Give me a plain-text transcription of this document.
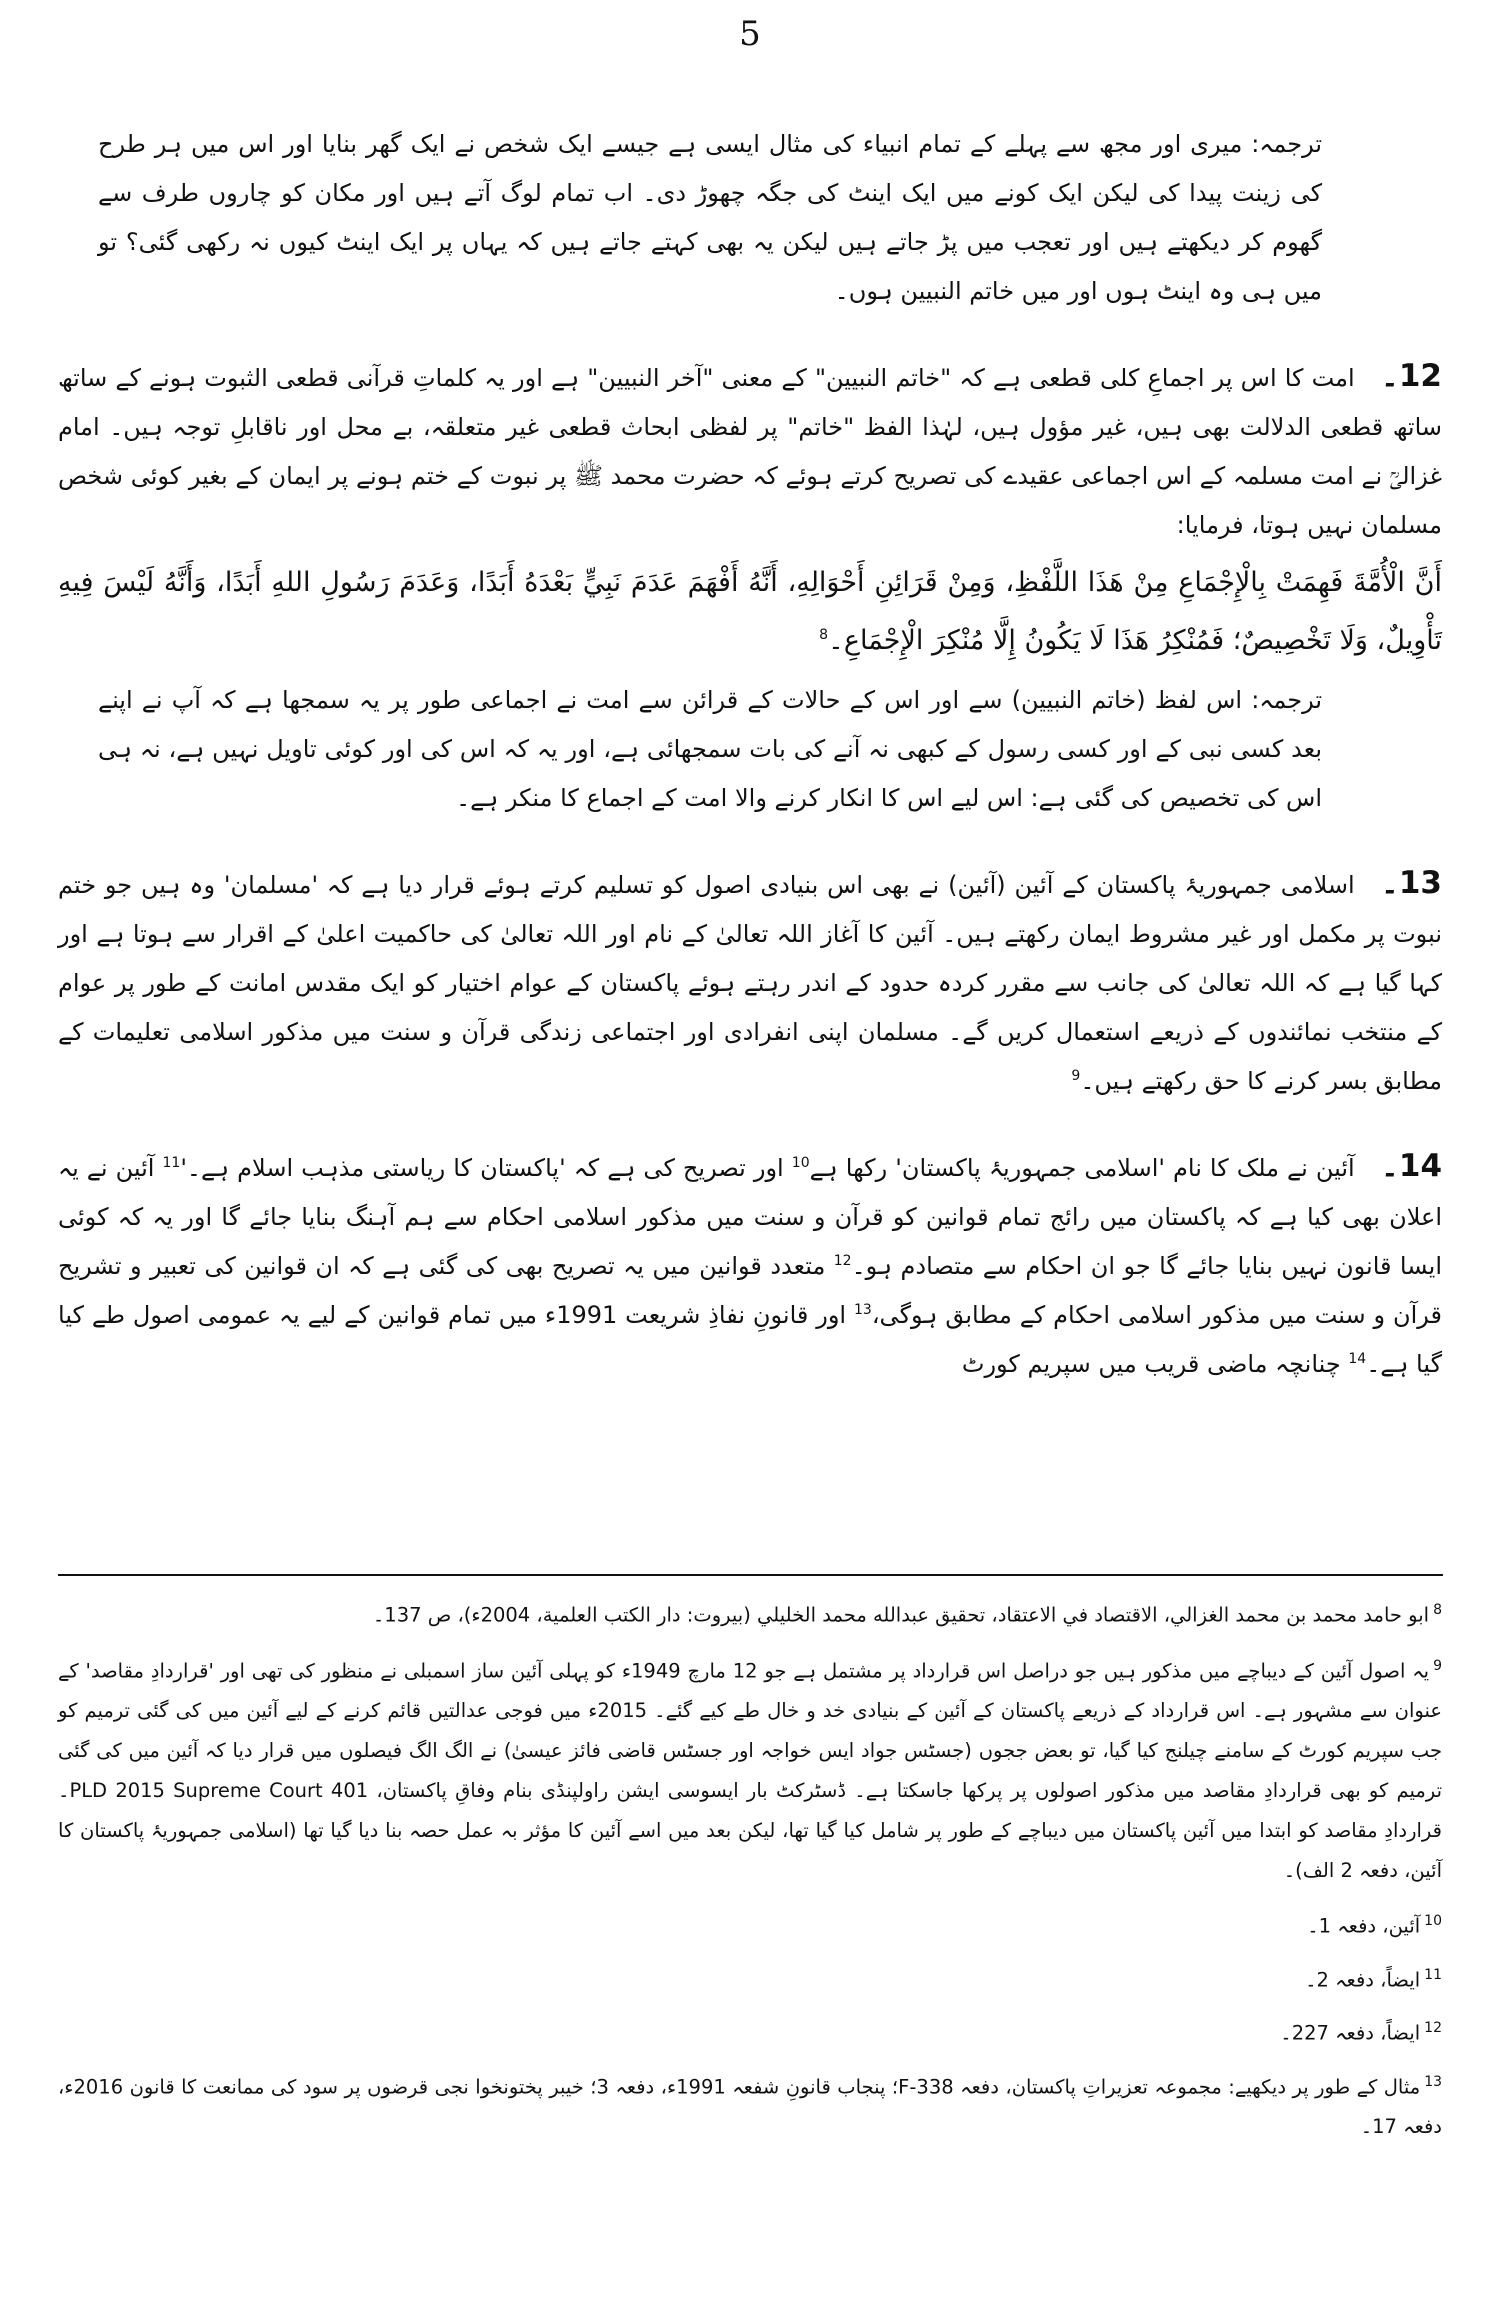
5

ترجمہ: میری اور مجھ سے پہلے کے تمام انبیاء کی مثال ایسی ہے جیسے ایک شخص نے ایک گھر بنایا اور اس میں ہر طرح کی زینت پیدا کی لیکن ایک کونے میں ایک اینٹ کی جگہ چھوڑ دی۔ اب تمام لوگ آتے ہیں اور مکان کو چاروں طرف سے گھوم کر دیکھتے ہیں اور تعجب میں پڑ جاتے ہیں لیکن یہ بھی کہتے جاتے ہیں کہ یہاں پر ایک اینٹ کیوں نہ رکھی گئی؟ تو میں ہی وہ اینٹ ہوں اور میں خاتم النبیین ہوں۔

12۔امت کا اس پر اجماعِ کلی قطعی ہے کہ "خاتم النبیین" کے معنی "آخر النبیین" ہے اور یہ کلماتِ قرآنی قطعی الثبوت ہونے کے ساتھ ساتھ قطعی الدلالت بھی ہیں، غیر مؤول ہیں، لہٰذا الفظ "خاتم" پر لفظی ابحاث قطعی غیر متعلقہ، بے محل اور ناقابلِ توجہ ہیں۔ امام غزالیؒ نے امت مسلمہ کے اس اجماعی عقیدے کی تصریح کرتے ہوئے کہ حضرت محمد ﷺ پر نبوت کے ختم ہونے پر ایمان کے بغیر کوئی شخص مسلمان نہیں ہوتا، فرمایا:

أَنَّ الْأُمَّةَ فَهِمَتْ بِالْإِجْمَاعِ مِنْ هَذَا اللَّفْظِ، وَمِنْ قَرَائِنِ أَحْوَالِهِ، أَنَّهُ أَفْهَمَ عَدَمَ نَبِيٍّ بَعْدَهُ أَبَدًا، وَعَدَمَ رَسُولِ اللهِ أَبَدًا، وَأَنَّهُ لَيْسَ فِيهِ تَأْوِيلٌ، وَلَا تَخْصِيصٌ؛ فَمُنْكِرُ هَذَا لَا يَكُونُ إِلَّا مُنْكِرَ الْإِجْمَاعِ۔$^8$

ترجمہ: اس لفظ (خاتم النبیین) سے اور اس کے حالات کے قرائن سے امت نے اجماعی طور پر یہ سمجھا ہے کہ آپ نے اپنے بعد کسی نبی کے اور کسی رسول کے کبھی نہ آنے کی بات سمجھائی ہے، اور یہ کہ اس کی اور کوئی تاویل نہیں ہے، نہ ہی اس کی تخصیص کی گئی ہے: اس لیے اس کا انکار کرنے والا امت کے اجماع کا منکر ہے۔

13۔اسلامی جمہوریۂ پاکستان کے آئین (آئین) نے بھی اس بنیادی اصول کو تسلیم کرتے ہوئے قرار دیا ہے کہ 'مسلمان' وہ ہیں جو ختم نبوت پر مکمل اور غیر مشروط ایمان رکھتے ہیں۔ آئین کا آغاز اللہ تعالیٰ کے نام اور اللہ تعالیٰ کی حاکمیت اعلیٰ کے اقرار سے ہوتا ہے اور کہا گیا ہے کہ اللہ تعالیٰ کی جانب سے مقرر کردہ حدود کے اندر رہتے ہوئے پاکستان کے عوام اختیار کو ایک مقدس امانت کے طور پر عوام کے منتخب نمائندوں کے ذریعے استعمال کریں گے۔ مسلمان اپنی انفرادی اور اجتماعی زندگی قرآن و سنت میں مذکور اسلامی تعلیمات کے مطابق بسر کرنے کا حق رکھتے ہیں۔$^9$

14۔آئین نے ملک کا نام 'اسلامی جمہوریۂ پاکستان' رکھا ہے$^{10}$ اور تصریح کی ہے کہ 'پاکستان کا ریاستی مذہب اسلام ہے۔'$^{11}$ آئین نے یہ اعلان بھی کیا ہے کہ پاکستان میں رائج تمام قوانین کو قرآن و سنت میں مذکور اسلامی احکام سے ہم آہنگ بنایا جائے گا اور یہ کہ کوئی ایسا قانون نہیں بنایا جائے گا جو ان احکام سے متصادم ہو۔$^{12}$ متعدد قوانین میں یہ تصریح بھی کی گئی ہے کہ ان قوانین کی تعبیر و تشریح قرآن و سنت میں مذکور اسلامی احکام کے مطابق ہوگی،$^{13}$ اور قانونِ نفاذِ شریعت 1991ء میں تمام قوانین کے لیے یہ عمومی اصول طے کیا گیا ہے۔$^{14}$ چنانچہ ماضی قریب میں سپریم کورٹ

$^8$ابو حامد محمد بن محمد الغزالي، الاقتصاد في الاعتقاد، تحقيق عبدالله محمد الخليلي (بيروت: دار الكتب العلمية، 2004ء)، ص 137۔

$^9$یہ اصول آئین کے دیباچے میں مذکور ہیں جو دراصل اس قرارداد پر مشتمل ہے جو 12 مارچ 1949ء کو پہلی آئین ساز اسمبلی نے منظور کی تھی اور 'قراردادِ مقاصد' کے عنوان سے مشہور ہے۔ اس قرارداد کے ذریعے پاکستان کے آئین کے بنیادی خد و خال طے کیے گئے۔ 2015ء میں فوجی عدالتیں قائم کرنے کے لیے آئین میں کی گئی ترمیم کو جب سپریم کورٹ کے سامنے چیلنج کیا گیا، تو بعض ججوں (جسٹس جواد ایس خواجہ اور جسٹس قاضی فائز عیسیٰ) نے الگ الگ فیصلوں میں قرار دیا کہ آئین میں کی گئی ترمیم کو بھی قراردادِ مقاصد میں مذکور اصولوں پر پرکھا جاسکتا ہے۔ ڈسٹرکٹ بار ایسوسی ایشن راولپنڈی بنام وفاقِ پاکستان، PLD 2015 Supreme Court 401۔ قراردادِ مقاصد کو ابتدا میں آئین پاکستان میں دیباچے کے طور پر شامل کیا گیا تھا، لیکن بعد میں اسے آئین کا مؤثر بہ عمل حصہ بنا دیا گیا تھا (اسلامی جمہوریۂ پاکستان کا آئین، دفعہ 2 الف)۔

$^{10}$آئین، دفعہ 1۔

$^{11}$ایضاً، دفعہ 2۔

$^{12}$ایضاً، دفعہ 227۔

$^{13}$مثال کے طور پر دیکھیے: مجموعہ تعزیراتِ پاکستان، دفعہ 338-F؛ پنجاب قانونِ شفعہ 1991ء، دفعہ 3؛ خیبر پختونخوا نجی قرضوں پر سود کی ممانعت کا قانون 2016ء، دفعہ 17۔
